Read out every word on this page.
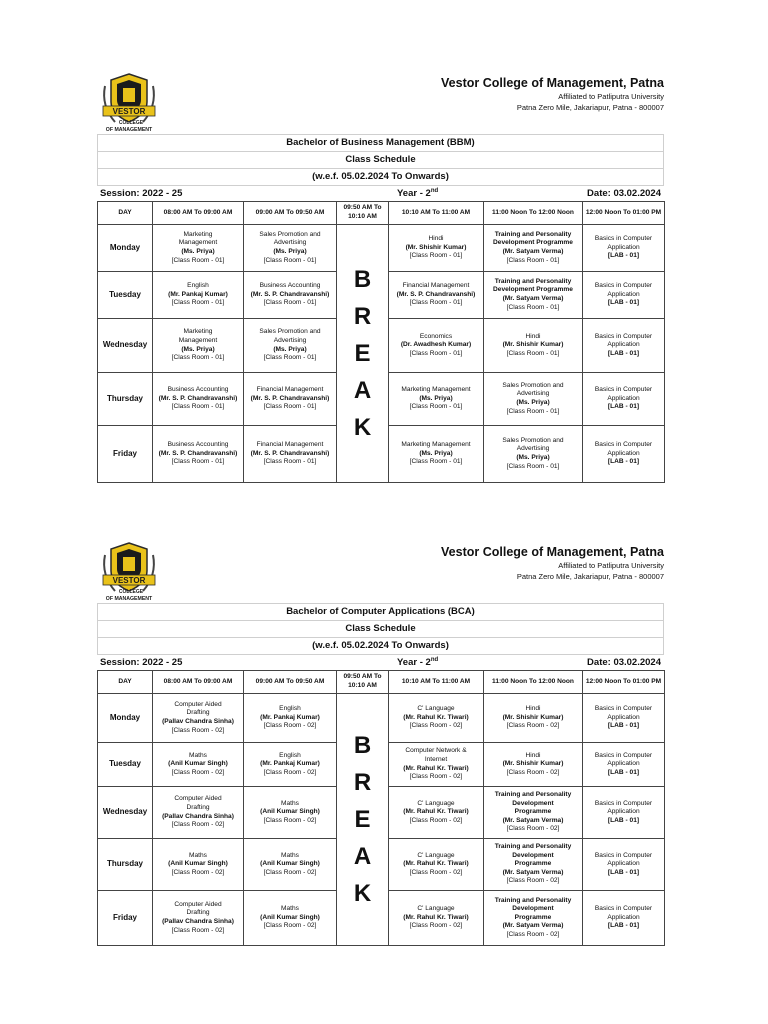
VESTOR
COLLEGE
OF MANAGEMENT
Vestor College of Management, Patna
Affiliated to Patliputra University
Patna Zero Mile, Jakariapur, Patna - 800007
Bachelor of Business Management (BBM)
Class Schedule
(w.e.f. 05.02.2024 To Onwards)
Session: 2022 - 25	Year - 2nd	Date: 03.02.2024
DAY	08:00 AM To 09:00 AM	09:00 AM To 09:50 AM	09:50 AM To 10:10 AM	10:10 AM To 11:00 AM	11:00 Noon To 12:00 Noon	12:00 Noon To 01:00 PM
Monday	Marketing
Management
(Ms. Priya)
[Class Room - 01]	Sales Promotion and
Advertising
(Ms. Priya)
[Class Room - 01]	B
R
E
A
K	Hindi
(Mr. Shishir Kumar)
[Class Room - 01]	Training and Personality
Development Programme
(Mr. Satyam Verma)
[Class Room - 01]	Basics in Computer
Application
[LAB - 01]

Tuesday	English
(Mr. Pankaj Kumar)
[Class Room - 01]	Business Accounting
(Mr. S. P. Chandravanshi)
[Class Room - 01]		Financial Management
(Mr. S. P. Chandravanshi)
[Class Room - 01]	Training and Personality
Development Programme
(Mr. Satyam Verma)
[Class Room - 01]	Basics in Computer
Application
[LAB - 01]

Wednesday	Marketing
Management
(Ms. Priya)
[Class Room - 01]	Sales Promotion and
Advertising
(Ms. Priya)
[Class Room - 01]		Economics
(Dr. Awadhesh Kumar)
[Class Room - 01]	Hindi
(Mr. Shishir Kumar)
[Class Room - 01]	Basics in Computer
Application
[LAB - 01]

Thursday	Business Accounting
(Mr. S. P. Chandravanshi)
[Class Room - 01]	Financial Management
(Mr. S. P. Chandravanshi)
[Class Room - 01]		Marketing Management
(Ms. Priya)
[Class Room - 01]	Sales Promotion and
Advertising
(Ms. Priya)
[Class Room - 01]	Basics in Computer
Application
[LAB - 01]

Friday	Business Accounting
(Mr. S. P. Chandravanshi)
[Class Room - 01]	Financial Management
(Mr. S. P. Chandravanshi)
[Class Room - 01]		Marketing Management
(Ms. Priya)
[Class Room - 01]	Sales Promotion and
Advertising
(Ms. Priya)
[Class Room - 01]	Basics in Computer
Application
[LAB - 01]
VESTOR
COLLEGE
OF MANAGEMENT
Vestor College of Management, Patna
Affiliated to Patliputra University
Patna Zero Mile, Jakariapur, Patna - 800007
Bachelor of Computer Applications (BCA)
Class Schedule
(w.e.f. 05.02.2024 To Onwards)
Session: 2022 - 25	Year - 2nd	Date: 03.02.2024
DAY	08:00 AM To 09:00 AM	09:00 AM To 09:50 AM	09:50 AM To 10:10 AM	10:10 AM To 11:00 AM	11:00 Noon To 12:00 Noon	12:00 Noon To 01:00 PM
Monday	Computer Aided
Drafting
(Pallav Chandra Sinha)
[Class Room - 02]	English
(Mr. Pankaj Kumar)
[Class Room - 02]	B
R
E
A
K	C' Language
(Mr. Rahul Kr. Tiwari)
[Class Room - 02]	Hindi
(Mr. Shishir Kumar)
[Class Room - 02]	Basics in Computer
Application
[LAB - 01]

Tuesday	Maths
(Anil Kumar Singh)
[Class Room - 02]	English
(Mr. Pankaj Kumar)
[Class Room - 02]		Computer Network &
Internet
(Mr. Rahul Kr. Tiwari)
[Class Room - 02]	Hindi
(Mr. Shishir Kumar)
[Class Room - 02]	Basics in Computer
Application
[LAB - 01]

Wednesday	Computer Aided
Drafting
(Pallav Chandra Sinha)
[Class Room - 02]	Maths
(Anil Kumar Singh)
[Class Room - 02]		C' Language
(Mr. Rahul Kr. Tiwari)
[Class Room - 02]	Training and Personality
Development
Programme
(Mr. Satyam Verma)
[Class Room - 02]	Basics in Computer
Application
[LAB - 01]

Thursday	Maths
(Anil Kumar Singh)
[Class Room - 02]	Maths
(Anil Kumar Singh)
[Class Room - 02]		C' Language
(Mr. Rahul Kr. Tiwari)
[Class Room - 02]	Training and Personality
Development
Programme
(Mr. Satyam Verma)
[Class Room - 02]	Basics in Computer
Application
[LAB - 01]

Friday	Computer Aided
Drafting
(Pallav Chandra Sinha)
[Class Room - 02]	Maths
(Anil Kumar Singh)
[Class Room - 02]		C' Language
(Mr. Rahul Kr. Tiwari)
[Class Room - 02]	Training and Personality
Development
Programme
(Mr. Satyam Verma)
[Class Room - 02]	Basics in Computer
Application
[LAB - 01]
